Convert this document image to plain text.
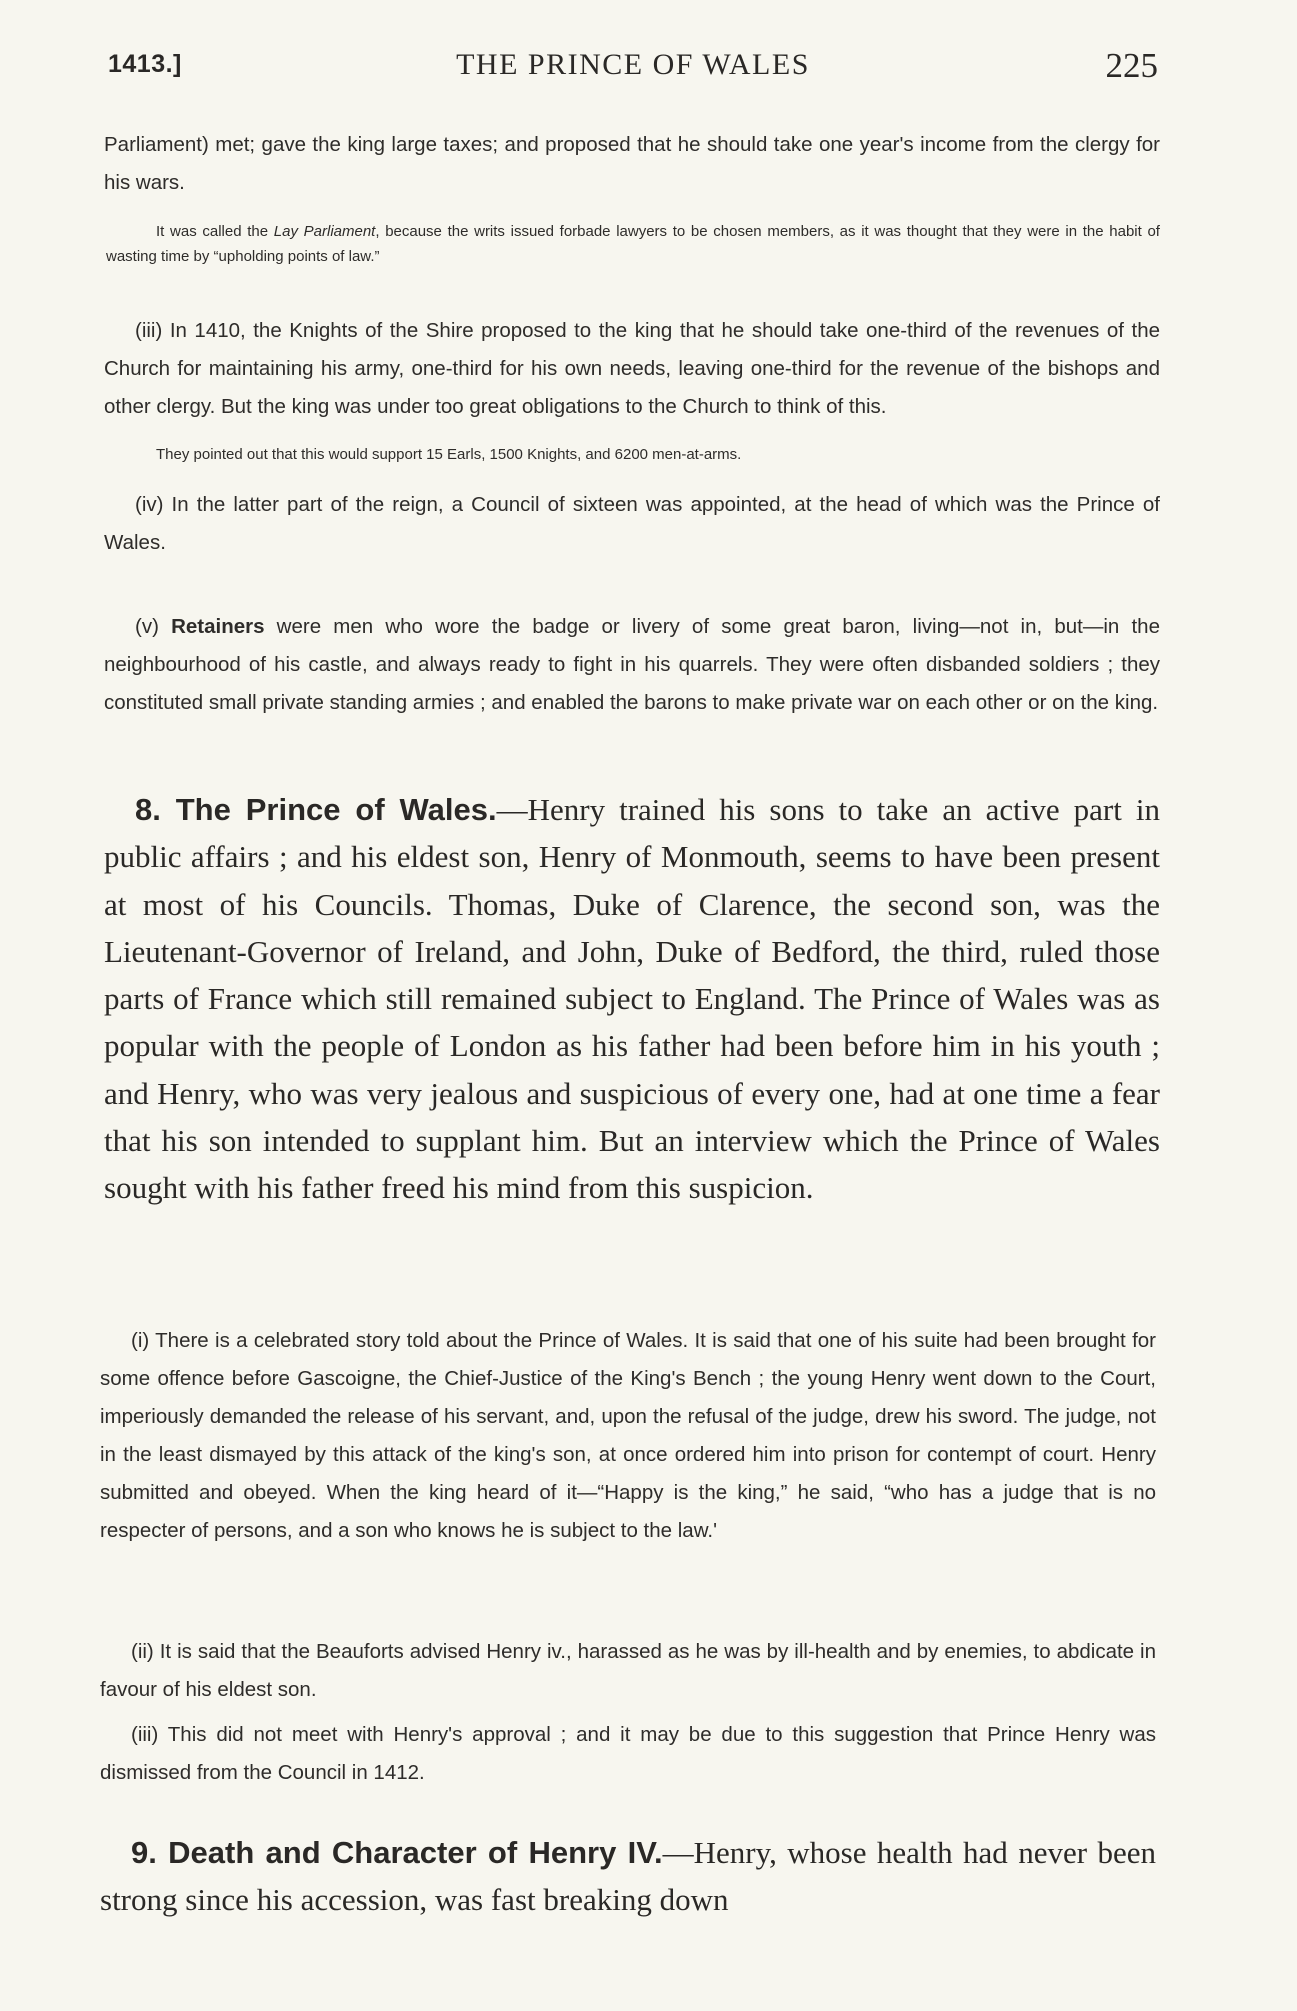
1413.]	THE PRINCE OF WALES	225

Parliament) met; gave the king large taxes; and proposed that he should take one year's income from the clergy for his wars.

It was called the Lay Parliament, because the writs issued forbade lawyers to be chosen members, as it was thought that they were in the habit of wasting time by “upholding points of law.”

(iii) In 1410, the Knights of the Shire proposed to the king that he should take one-third of the revenues of the Church for maintaining his army, one-third for his own needs, leaving one-third for the revenue of the bishops and other clergy. But the king was under too great obligations to the Church to think of this.

They pointed out that this would support 15 Earls, 1500 Knights, and 6200 men-at-arms.

(iv) In the latter part of the reign, a Council of sixteen was appointed, at the head of which was the Prince of Wales.

(v) Retainers were men who wore the badge or livery of some great baron, living—not in, but—in the neighbourhood of his castle, and always ready to fight in his quarrels. They were often disbanded soldiers ; they constituted small private standing armies ; and enabled the barons to make private war on each other or on the king.

8. The Prince of Wales.—Henry trained his sons to take an active part in public affairs ; and his eldest son, Henry of Monmouth, seems to have been present at most of his Councils. Thomas, Duke of Clarence, the second son, was the Lieutenant-Governor of Ireland, and John, Duke of Bedford, the third, ruled those parts of France which still remained subject to England. The Prince of Wales was as popular with the people of London as his father had been before him in his youth ; and Henry, who was very jealous and suspicious of every one, had at one time a fear that his son intended to supplant him. But an interview which the Prince of Wales sought with his father freed his mind from this suspicion.

(i) There is a celebrated story told about the Prince of Wales. It is said that one of his suite had been brought for some offence before Gascoigne, the Chief-Justice of the King's Bench ; the young Henry went down to the Court, imperiously demanded the release of his servant, and, upon the refusal of the judge, drew his sword. The judge, not in the least dismayed by this attack of the king's son, at once ordered him into prison for contempt of court. Henry submitted and obeyed. When the king heard of it—“Happy is the king,” he said, “who has a judge that is no respecter of persons, and a son who knows he is subject to the law.'

(ii) It is said that the Beauforts advised Henry iv., harassed as he was by ill-health and by enemies, to abdicate in favour of his eldest son.

(iii) This did not meet with Henry's approval ; and it may be due to this suggestion that Prince Henry was dismissed from the Council in 1412.

9. Death and Character of Henry IV.—Henry, whose health had never been strong since his accession, was fast breaking down
